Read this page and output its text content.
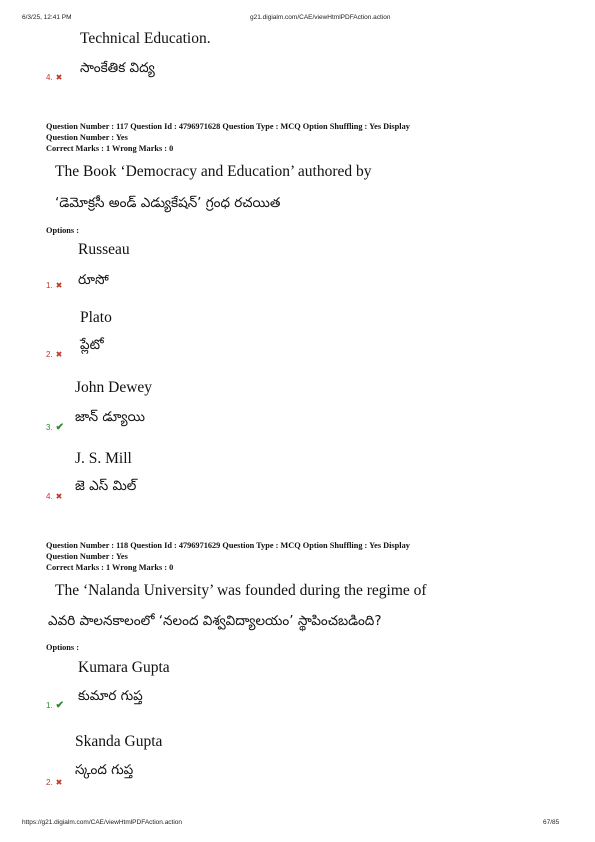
6/3/25, 12:41 PM	g21.digialm.com/CAE/viewHtmlPDFAction.action
Technical Education.
సాంకేతిక విద్య
4. ✖
Question Number : 117 Question Id : 4796971628 Question Type : MCQ Option Shuffling : Yes Display
Question Number : Yes
Correct Marks : 1 Wrong Marks : 0
The Book ‘Democracy and Education’ authored by
‘డెమోక్రసీ అండ్ ఎడ్యుకేషన్’ గ్రంధ రచయిత
Options :
Russeau
రూసో
1. ✖
Plato
ప్లేటో
2. ✖
John Dewey
జాన్ డ్యూయి
3. ✔
J. S. Mill
జె ఎస్ మిల్
4. ✖
Question Number : 118 Question Id : 4796971629 Question Type : MCQ Option Shuffling : Yes Display
Question Number : Yes
Correct Marks : 1 Wrong Marks : 0
The ‘Nalanda University’ was founded during the regime of
ఎవరి పాలనకాలంలో ‘నలంద విశ్వవిద్యాలయం’ స్థాపించబడింది?
Options :
Kumara Gupta
కుమార గుప్త
1. ✔
Skanda Gupta
స్కంద గుప్త
2. ✖
https://g21.digialm.com/CAE/viewHtmlPDFAction.action	67/85
